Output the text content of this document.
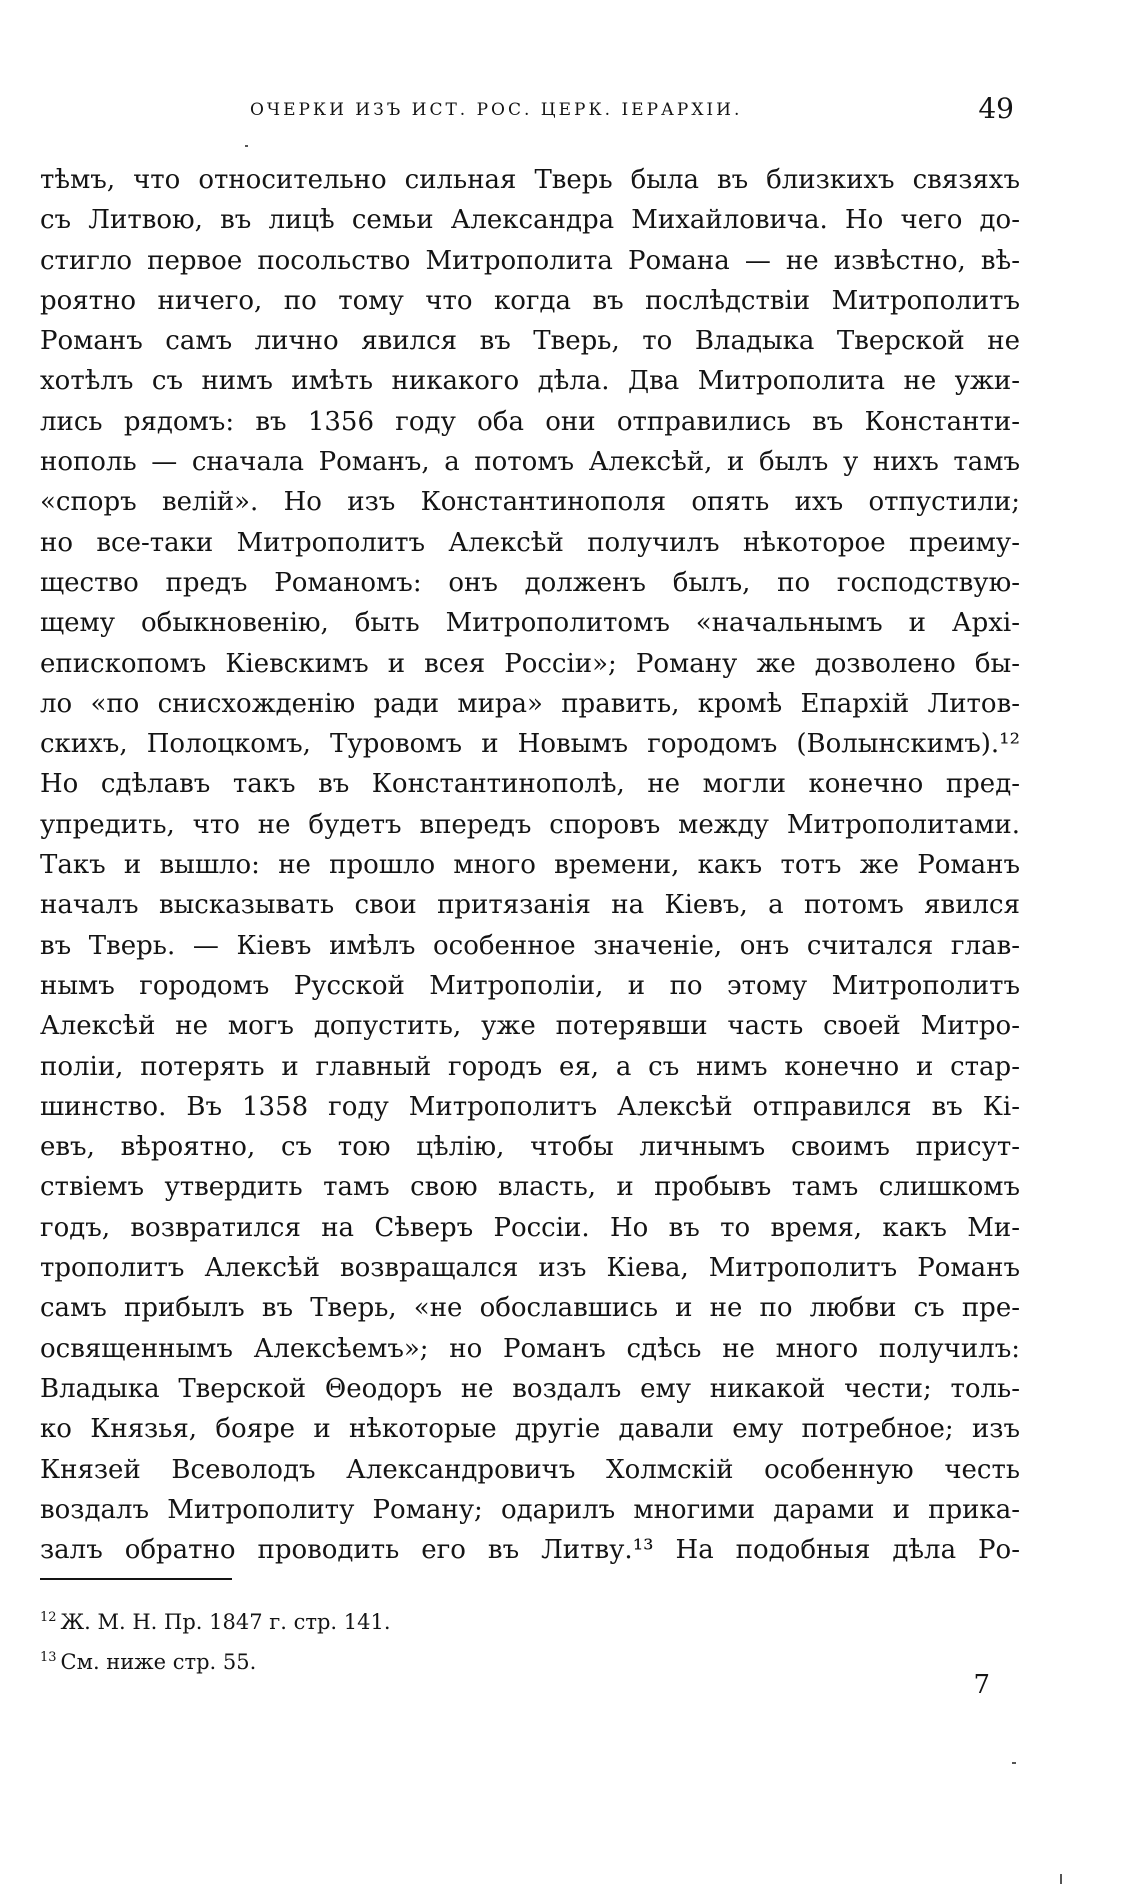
ОЧЕРКИ ИЗЪ ИСТ. РОС. ЦЕРК. IЕРАРХIИ.	49
тѣмъ, что относительно сильная Тверь была въ близкихъ связяхъ
съ Литвою, въ лицѣ семьи Александра Михайловича. Но чего до-
стигло первое посольство Митрополита Романа — не извѣстно, вѣ-
роятно ничего, по тому что когда въ послѣдствiи Митрополитъ
Романъ самъ лично явился въ Тверь, то Владыка Тверской не
хотѣлъ съ нимъ имѣть никакого дѣла. Два Митрополита не ужи-
лись рядомъ: въ 1356 году оба они отправились въ Константи-
нополь — сначала Романъ, а потомъ Алексѣй, и былъ у нихъ тамъ
«споръ велiй». Но изъ Константинополя опять ихъ отпустили;
но все-таки Митрополитъ Алексѣй получилъ нѣкоторое преиму-
щество предъ Романомъ: онъ долженъ былъ, по господствую-
щему обыкновенiю, быть Митрополитомъ «начальнымъ и Архi-
епископомъ Кiевскимъ и всея Россiи»; Роману же дозволено бы-
ло «по снисхожденiю ради мира» править, кромѣ Епархiй Литов-
скихъ, Полоцкомъ, Туровомъ и Новымъ городомъ (Волынскимъ).¹²
Но сдѣлавъ такъ въ Константинополѣ, не могли конечно пред-
упредить, что не будетъ впередъ споровъ между Митрополитами.
Такъ и вышло: не прошло много времени, какъ тотъ же Романъ
началъ высказывать свои притязанiя на Кiевъ, а потомъ явился
въ Тверь. — Кiевъ имѣлъ особенное значенiе, онъ считался глав-
нымъ городомъ Русской Митрополiи, и по этому Митрополитъ
Алексѣй не могъ допустить, уже потерявши часть своей Митро-
полiи, потерять и главный городъ ея, а съ нимъ конечно и стар-
шинство. Въ 1358 году Митрополитъ Алексѣй отправился въ Кi-
евъ, вѣроятно, съ тою цѣлiю, чтобы личнымъ своимъ присут-
ствiемъ утвердить тамъ свою власть, и пробывъ тамъ слишкомъ
годъ, возвратился на Сѣверъ Россiи. Но въ то время, какъ Ми-
трополитъ Алексѣй возвращался изъ Кiева, Митрополитъ Романъ
самъ прибылъ въ Тверь, «не обославшись и не по любви съ пре-
освященнымъ Алексѣемъ»; но Романъ сдѣсь не много получилъ:
Владыка Тверской Θеодоръ не воздалъ ему никакой чести; толь-
ко Князья, бояре и нѣкоторые другiе давали ему потребное; изъ
Князей Всеволодъ Александровичъ Холмскiй особенную честь
воздалъ Митрополиту Роману; одарилъ многими дарами и прика-
залъ обратно проводить его въ Литву.¹³ На подобныя дѣла Ро-
$^{12}$ Ж. М. Н. Пр. 1847 г. стр. 141.
$^{13}$ См. ниже стр. 55.
7
